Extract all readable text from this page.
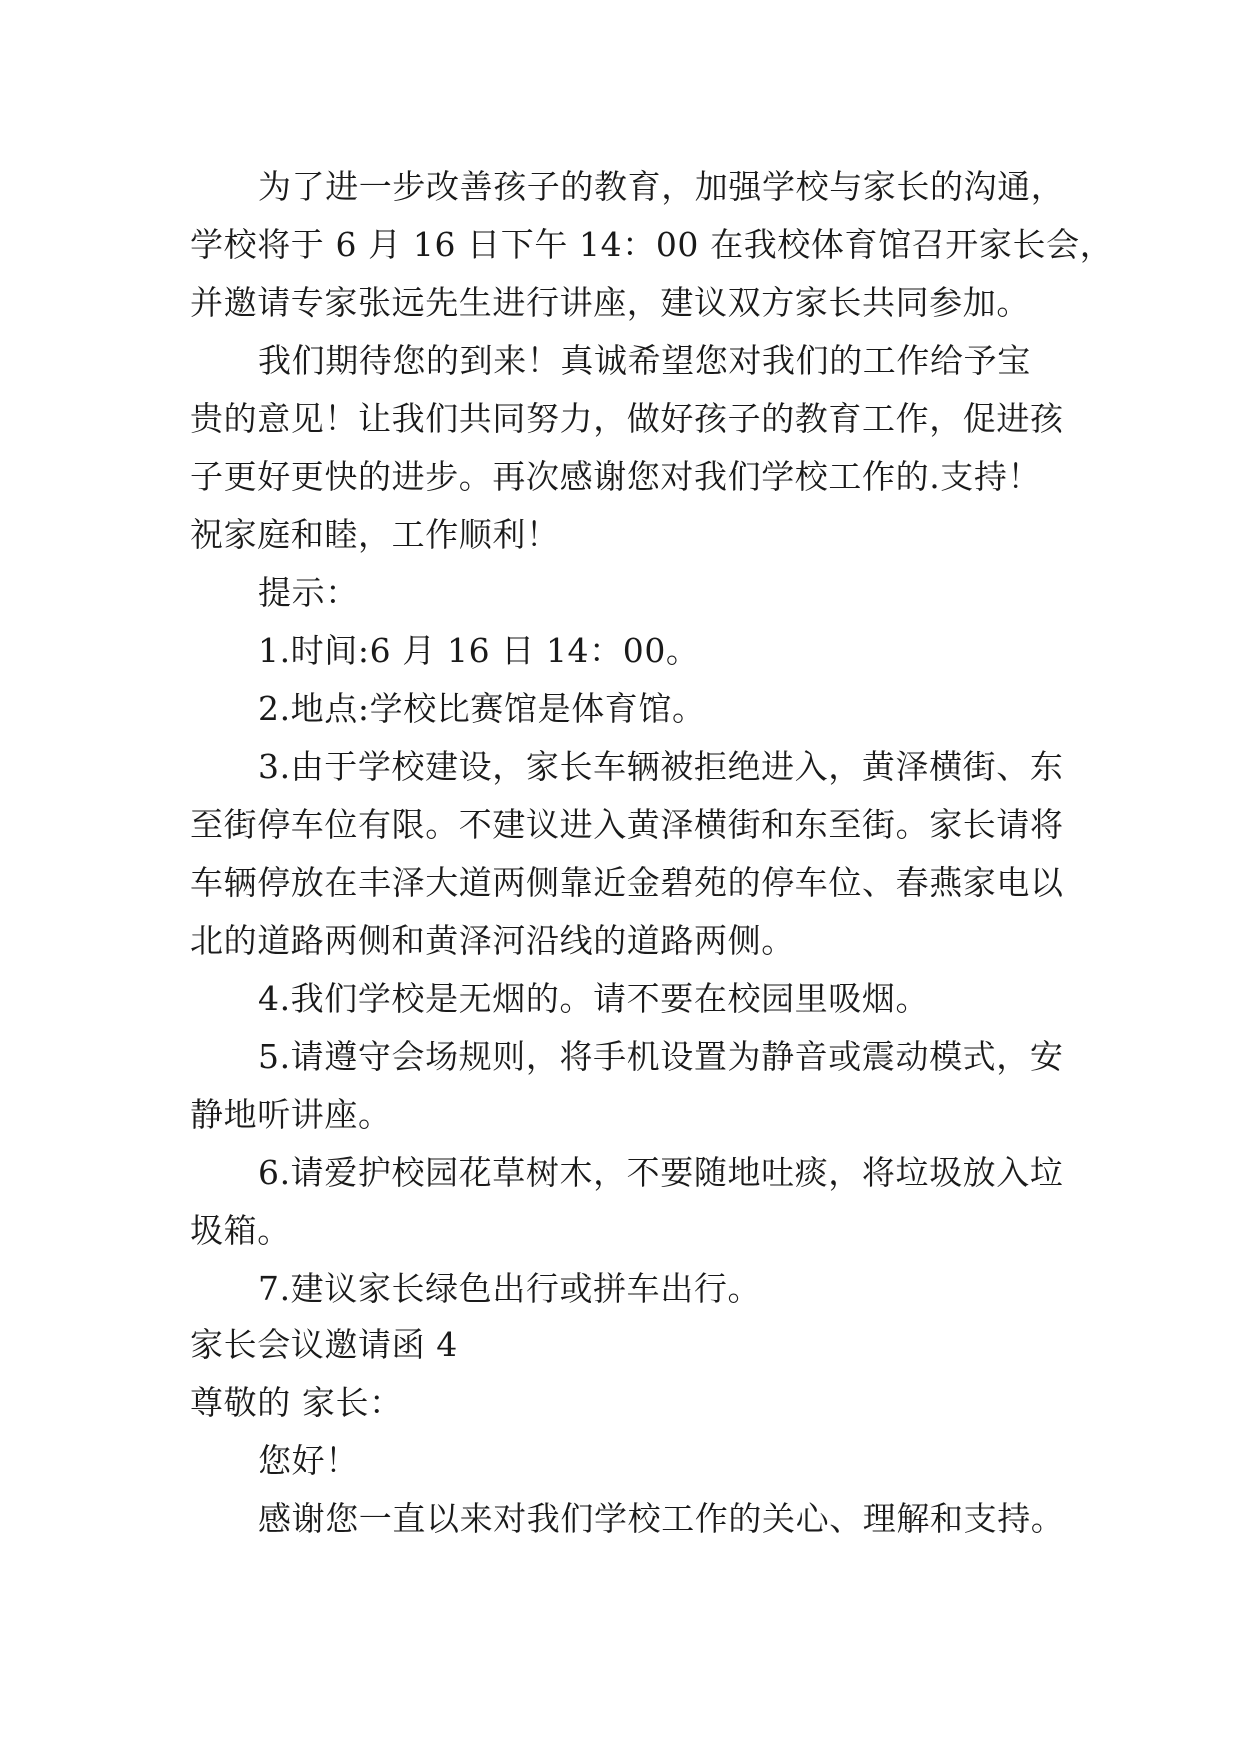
为了进一步改善孩子的教育，加强学校与家长的沟通，
学校将于 6 月 16 日下午 14：00 在我校体育馆召开家长会，
并邀请专家张远先生进行讲座，建议双方家长共同参加。
我们期待您的到来！真诚希望您对我们的工作给予宝
贵的意见！让我们共同努力，做好孩子的教育工作，促进孩
子更好更快的进步。再次感谢您对我们学校工作的.支持！
祝家庭和睦，工作顺利！
提示：
1.时间:6 月 16 日 14：00。
2.地点:学校比赛馆是体育馆。
3.由于学校建设，家长车辆被拒绝进入，黄泽横街、东
至街停车位有限。不建议进入黄泽横街和东至街。家长请将
车辆停放在丰泽大道两侧靠近金碧苑的停车位、春燕家电以
北的道路两侧和黄泽河沿线的道路两侧。
4.我们学校是无烟的。请不要在校园里吸烟。
5.请遵守会场规则，将手机设置为静音或震动模式，安
静地听讲座。
6.请爱护校园花草树木，不要随地吐痰，将垃圾放入垃
圾箱。
7.建议家长绿色出行或拼车出行。
家长会议邀请函 4
尊敬的 家长：
您好！
感谢您一直以来对我们学校工作的关心、理解和支持。
